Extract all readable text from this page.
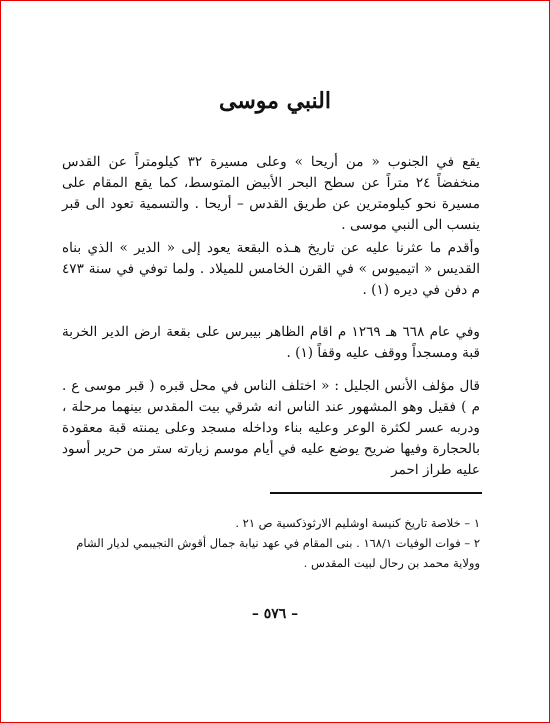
النبي موسى
يقع في الجنوب « من أريحا » وعلى مسيرة ٣٢ كيلومتراً عن القدس منخفضاً ٢٤ متراً عن سطح البحر الأبيض المتوسط، كما يقع المقام على مسيرة نحو كيلومترين عن طريق القدس – أريحا . والتسمية تعود الى قبر ينسب الى النبي موسى .
وأقدم ما عثرنا عليه عن تاريخ هـذه البقعة يعود إلى « الدير » الذي بناه القديس « اتيميوس » في القرن الخامس للميلاد . ولما توفي في سنة ٤٧٣ م دفن في ديره (١) .
وفي عام ٦٦٨ هـ ١٢٦٩ م اقام الظاهر بيبرس على بقعة ارض الدير الخربة قبة ومسجداً ووقف عليه وقفاً (١) .
قال مؤلف الأنس الجليل : « اختلف الناس في محل قبره ( قبر موسى ع . م ) فقيل وهو المشهور عند الناس انه شرقي بيت المقدس بينهما مرحلة ، ودربه عسر لكثرة الوعر وعليه بناء وداخله مسجد وعلى يمنته قبة معقودة بالحجارة وفيها ضريح يوضع عليه في أيام موسم زيارته ستر من حرير أسود عليه طراز احمر
١ – خلاصة تاريخ كنيسة اوشليم الارثوذكسية ص ٢١ .
٢ – فوات الوفيات ١٦٨/١ . بنى المقام في عهد نيابة جمال أقوش النجيبمي لديار الشام
وولاية محمد بن رحال لبيت المقدس .
– ٥٧٦ –
